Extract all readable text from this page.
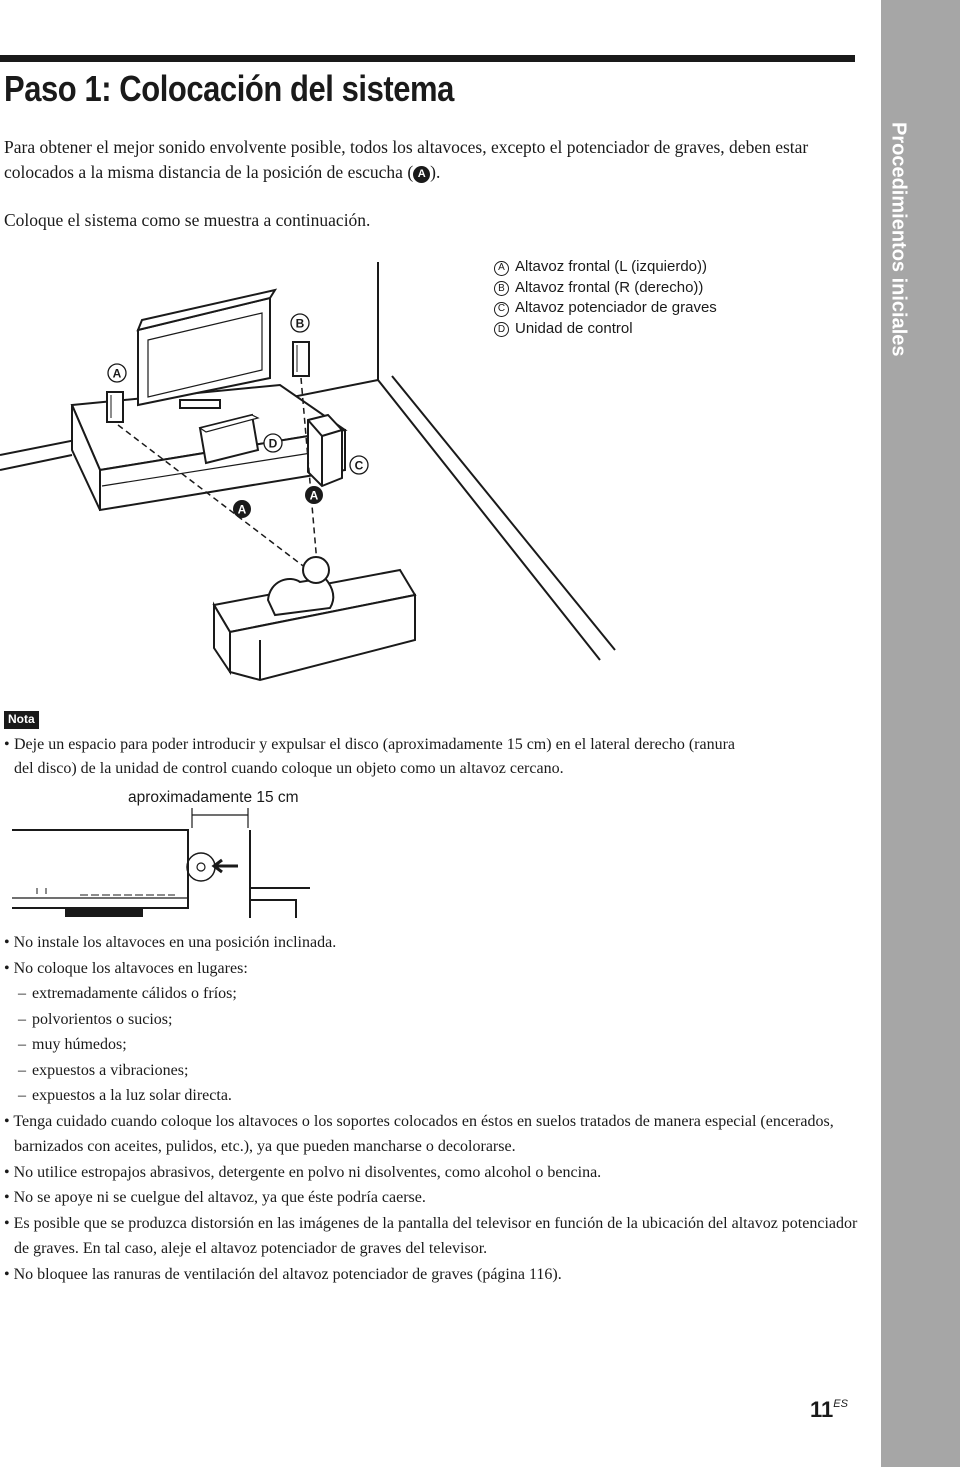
Paso 1: Colocación del sistema
Para obtener el mejor sonido envolvente posible, todos los altavoces, excepto el potenciador de graves, deben estar colocados a la misma distancia de la posición de escucha ( A ).
Coloque el sistema como se muestra a continuación.
A Altavoz frontal (L (izquierdo))
B Altavoz frontal (R (derecho))
C Altavoz potenciador de graves
D Unidad de control	Procedimientos iniciales
A
B
D
C
A
A
Nota
• Deje un espacio para poder introducir y expulsar el disco (aproximadamente 15 cm) en el lateral derecho (ranura
del disco) de la unidad de control cuando coloque un objeto como un altavoz cercano.
aproximadamente 15 cm
• No instale los altavoces en una posición inclinada.
• No coloque los altavoces en lugares:
– extremadamente cálidos o fríos;
– polvorientos o sucios;
– muy húmedos;
– expuestos a vibraciones;
– expuestos a la luz solar directa.
• Tenga cuidado cuando coloque los altavoces o los soportes colocados en éstos en suelos tratados de manera especial (encerados, barnizados con aceites, pulidos, etc.), ya que pueden mancharse o decolorarse.
• No utilice estropajos abrasivos, detergente en polvo ni disolventes, como alcohol o bencina.
• No se apoye ni se cuelgue del altavoz, ya que éste podría caerse.
• Es posible que se produzca distorsión en las imágenes de la pantalla del televisor en función de la ubicación del altavoz potenciador de graves. En tal caso, aleje el altavoz potenciador de graves del televisor.
• No bloquee las ranuras de ventilación del altavoz potenciador de graves (página 116).
$11^{ES}$
